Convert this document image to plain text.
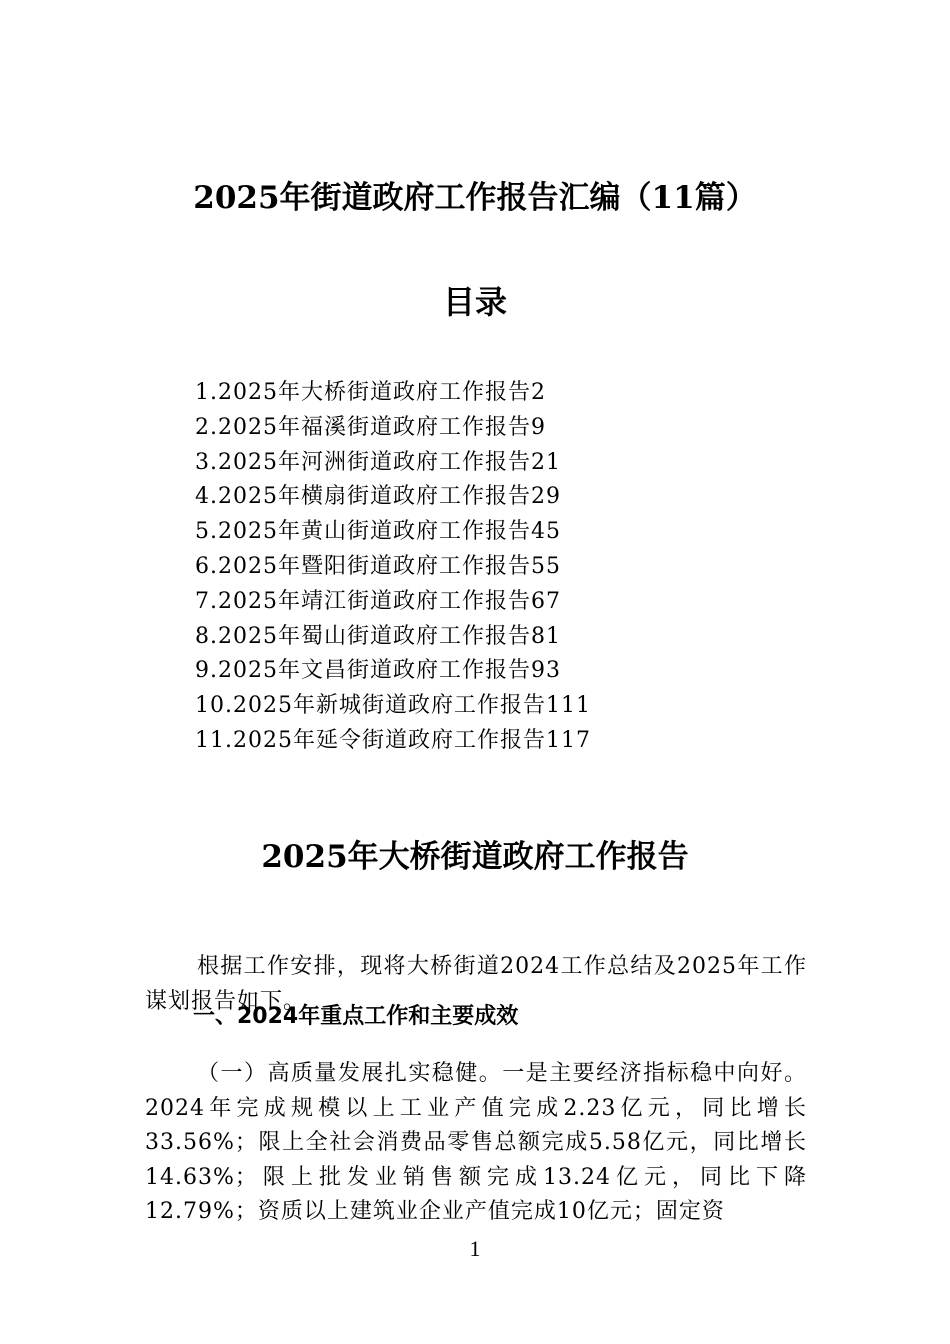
2025年街道政府工作报告汇编（11篇）
目录
1.2025年大桥街道政府工作报告2
2.2025年福溪街道政府工作报告9
3.2025年河洲街道政府工作报告21
4.2025年横扇街道政府工作报告29
5.2025年黄山街道政府工作报告45
6.2025年暨阳街道政府工作报告55
7.2025年靖江街道政府工作报告67
8.2025年蜀山街道政府工作报告81
9.2025年文昌街道政府工作报告93
10.2025年新城街道政府工作报告111
11.2025年延令街道政府工作报告117
2025年大桥街道政府工作报告

根据工作安排，现将大桥街道2024工作总结及2025年工作谋划报告如下。

一、2024年重点工作和主要成效

（一）高质量发展扎实稳健。一是主要经济指标稳中向好。2024年完成规模以上工业产值完成2.23亿元，同比增长33.56%；限上全社会消费品零售总额完成5.58亿元，同比增长14.63%；限上批发业销售额完成13.24亿元，同比下降12.79%；资质以上建筑业企业产值完成10亿元；固定资

1
